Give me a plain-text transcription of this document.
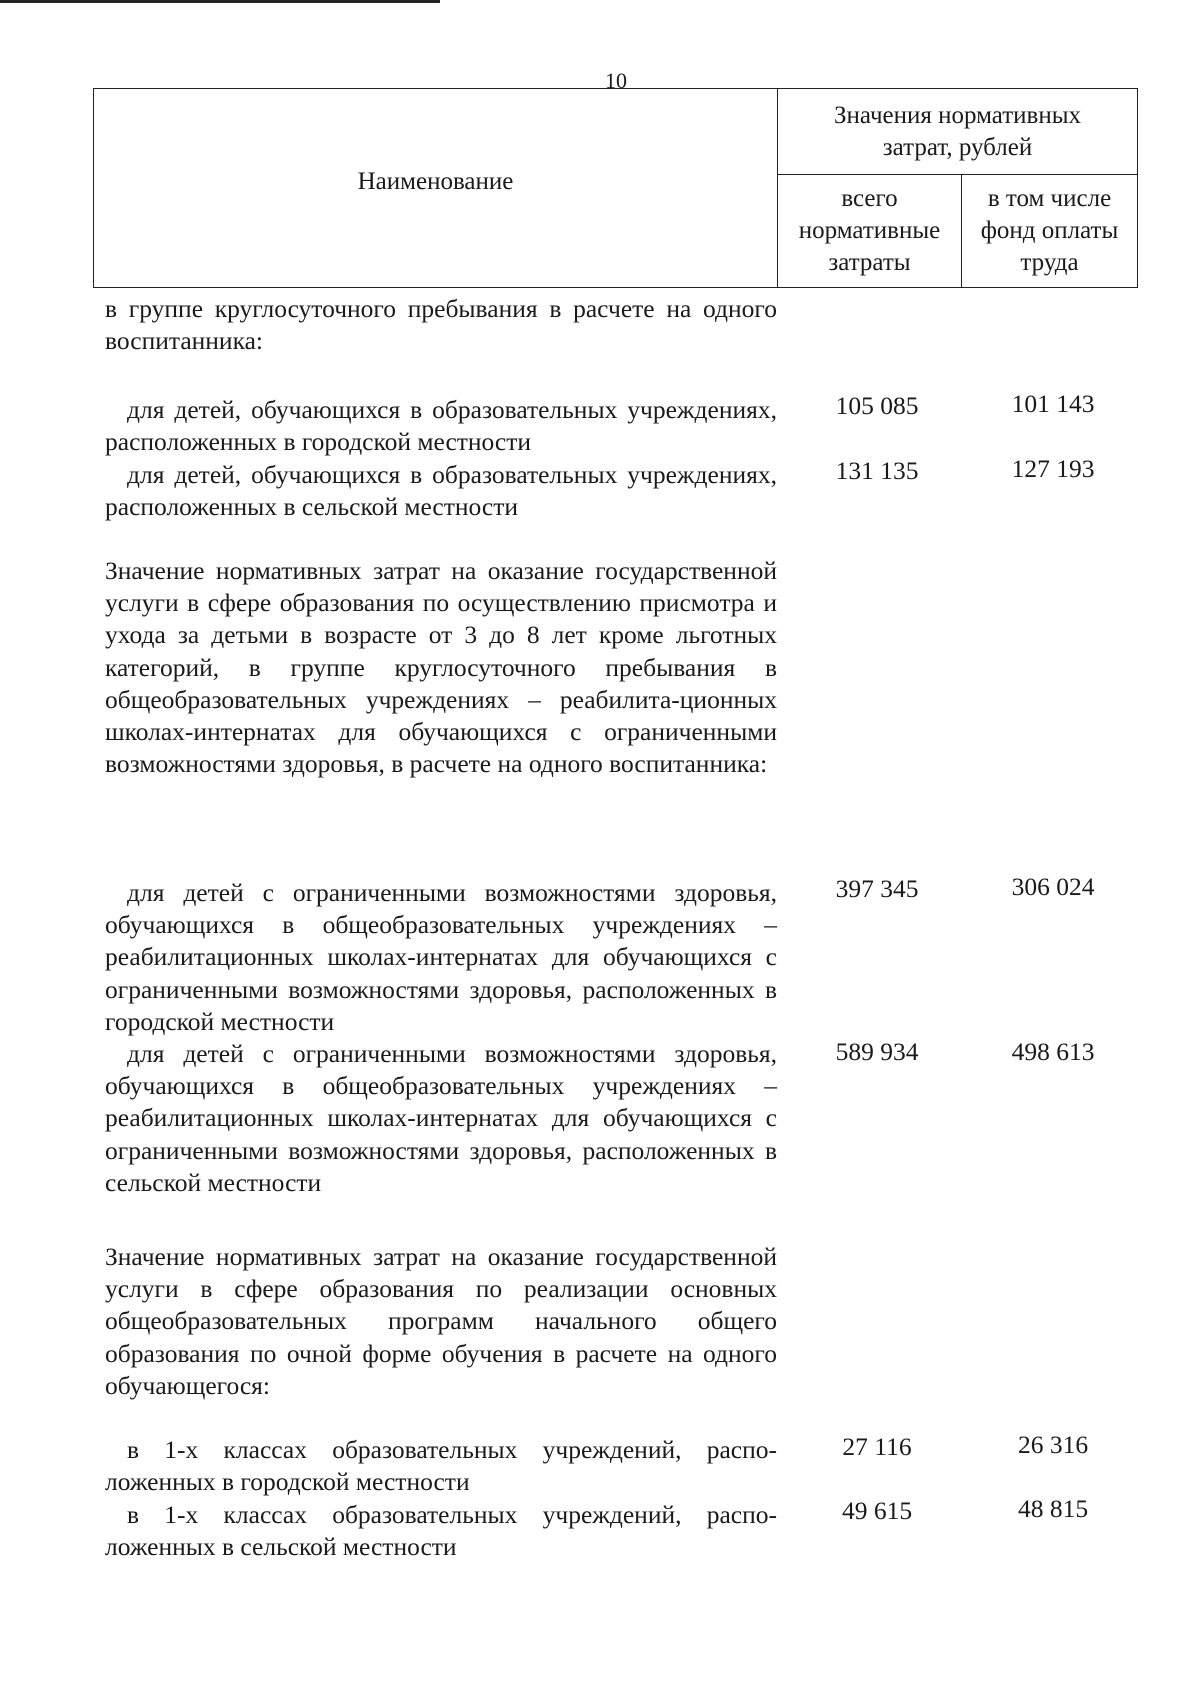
10
Наименование
Значения нормативных затрат, рублей
всего нормативные затраты
в том числе фонд оплаты труда
в группе круглосуточного пребывания в расчете на одного воспитанника:
для детей, обучающихся в образовательных учреждениях, расположенных в городской местности
105 085	101 143
для детей, обучающихся в образовательных учреждениях, расположенных в сельской местности
131 135	127 193
Значение нормативных затрат на оказание государственной услуги в сфере образования по осуществлению присмотра и ухода за детьми в возрасте от 3 до 8 лет кроме льготных категорий, в группе круглосуточного пребывания в общеобразовательных учреждениях – реабилита-ционных школах-интернатах для обучающихся с ограниченными возможностями здоровья, в расчете на одного воспитанника:
для детей с ограниченными возможностями здоровья, обучающихся в общеобразовательных учреждениях – реабилитационных школах-интернатах для обучающихся с ограниченными возможностями здоровья, расположенных в городской местности
397 345	306 024
для детей с ограниченными возможностями здоровья, обучающихся в общеобразовательных учреждениях – реабилитационных школах-интернатах для обучающихся с ограниченными возможностями здоровья, расположенных в сельской местности
589 934	498 613
Значение нормативных затрат на оказание государственной услуги в сфере образования по реализации основных общеобразовательных программ начального общего образования по очной форме обучения в расчете на одного обучающегося:
в 1-х классах образовательных учреждений, распо-ложенных в городской местности
27 116	26 316
в 1-х классах образовательных учреждений, распо-ложенных в сельской местности
49 615	48 815
